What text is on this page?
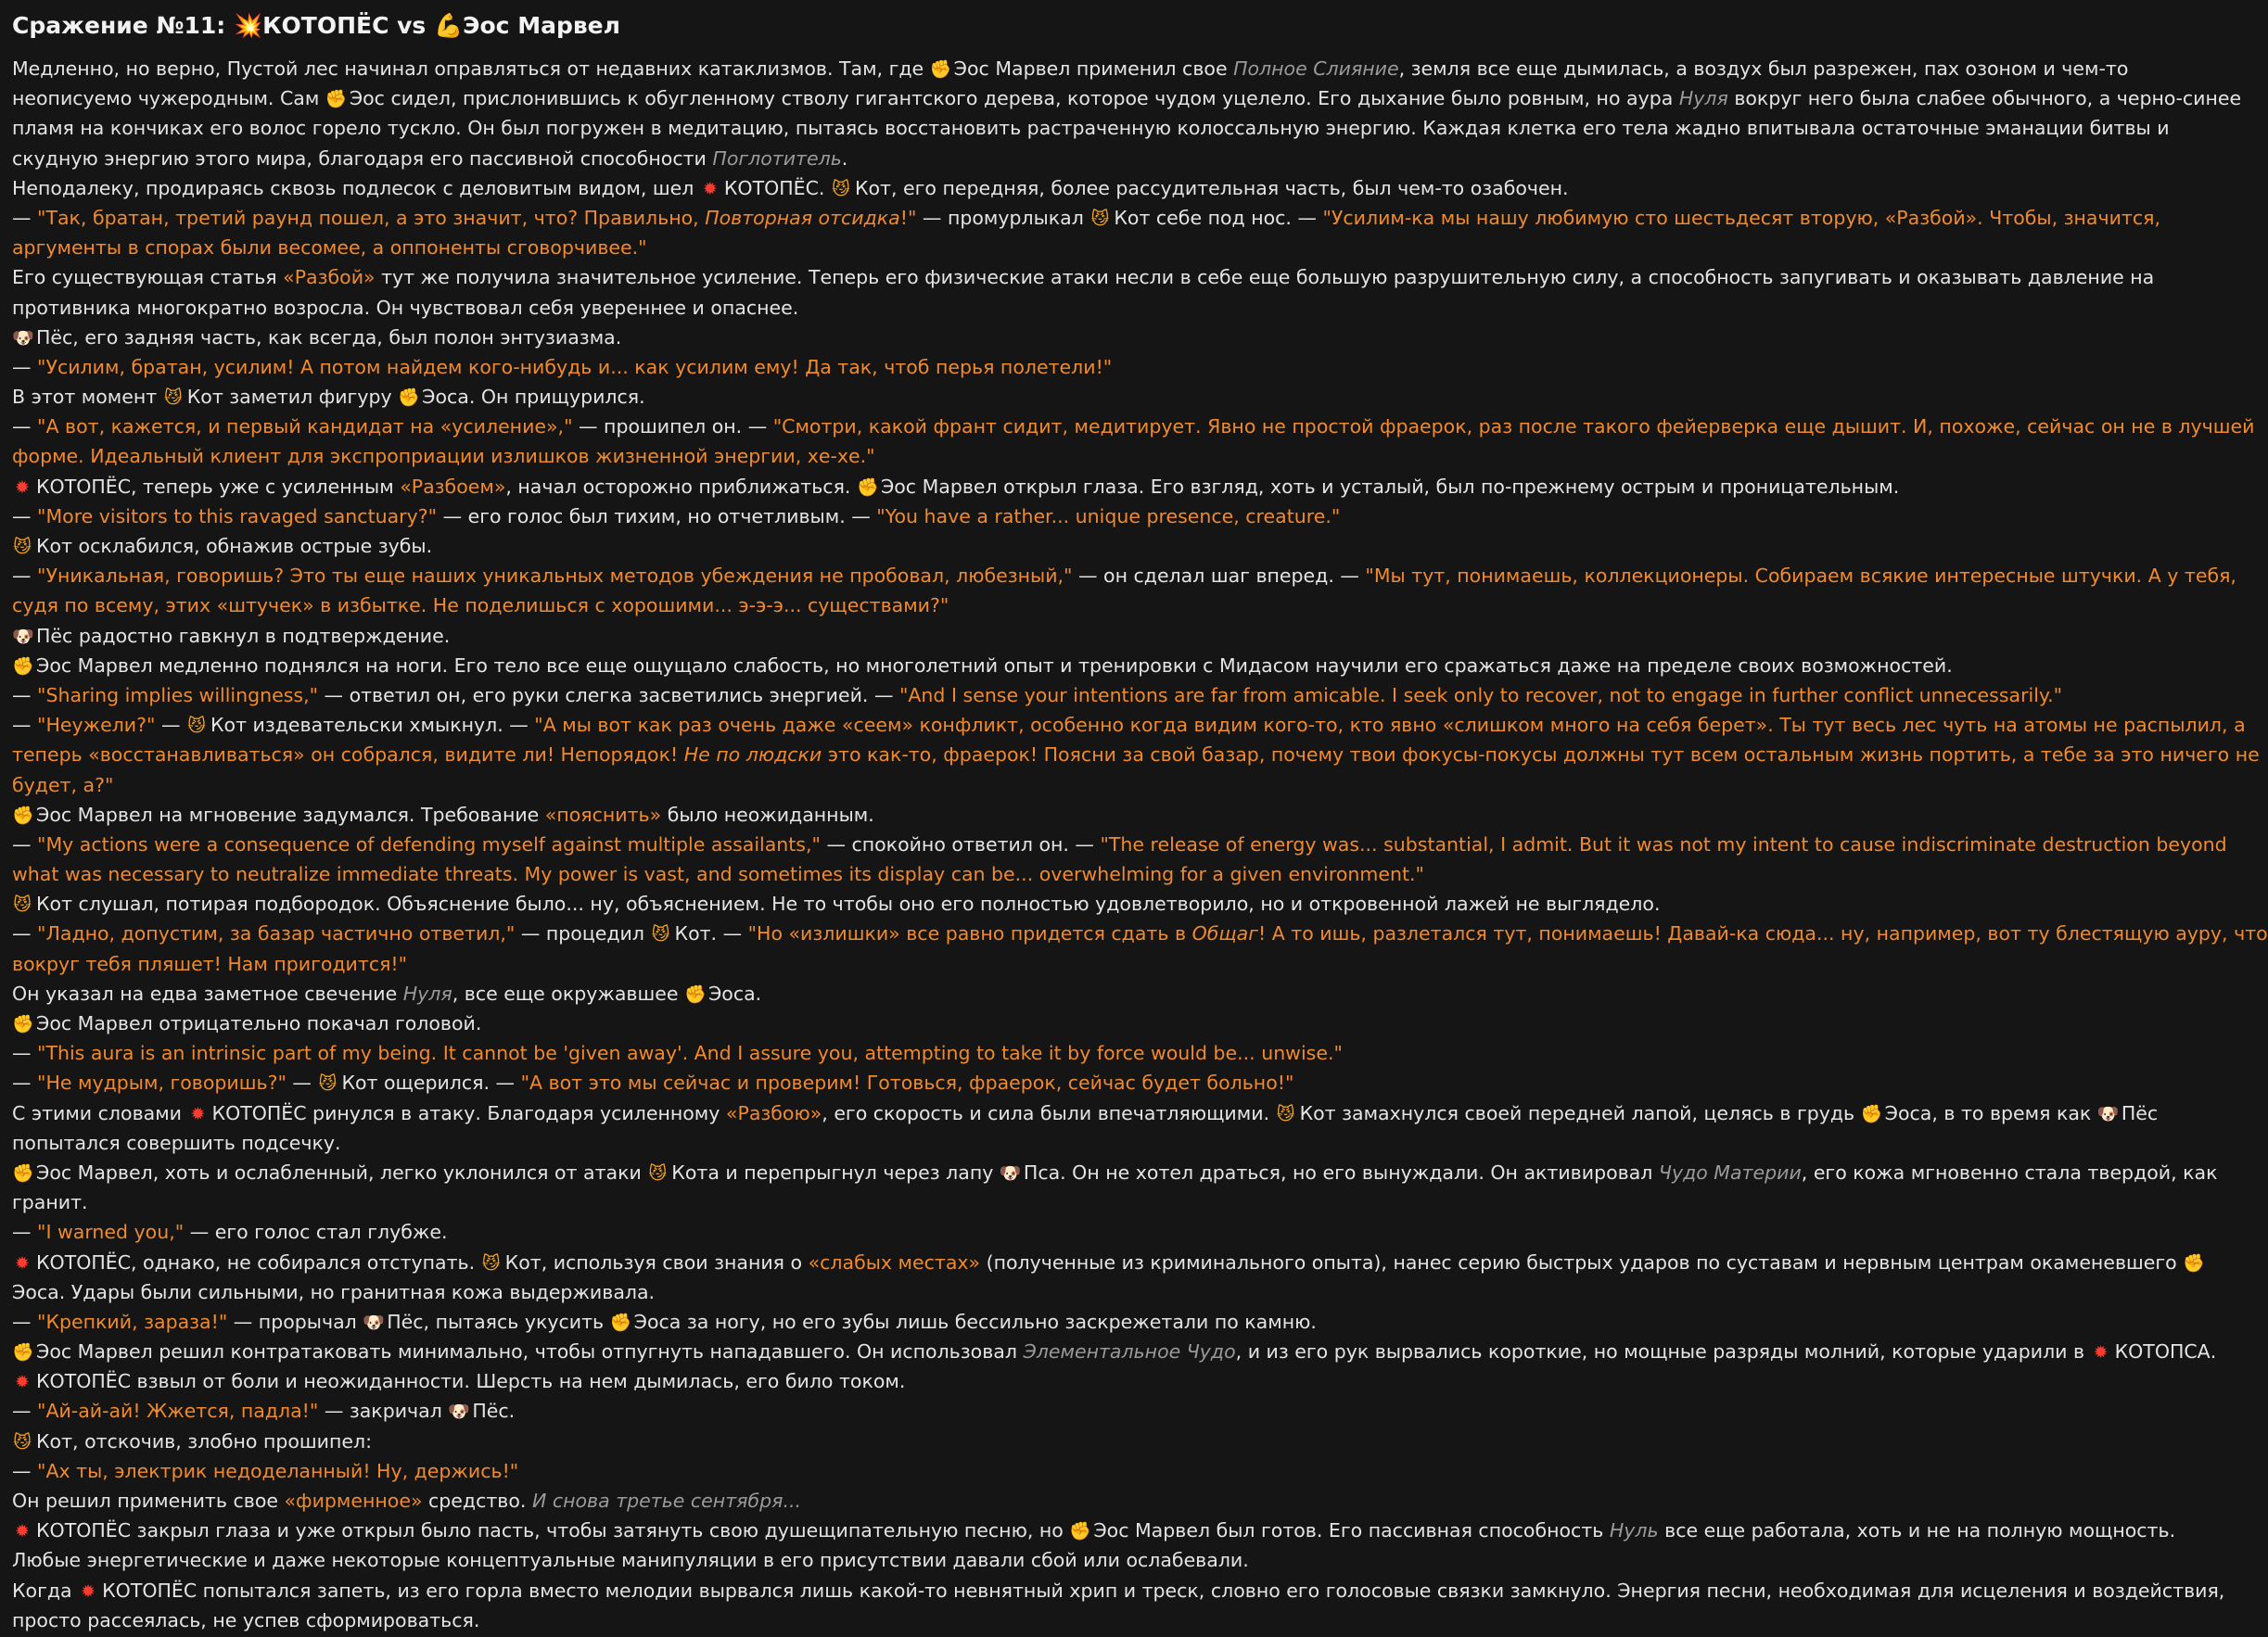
Сражение №11: 💥КОТОПЁС vs 💪Эос Марвел
Медленно, но верно, Пустой лес начинал оправляться от недавних катаклизмов. Там, где ✊ Эос Марвел применил свое Полное Слияние, земля все еще дымилась, а воздух был разрежен, пах озоном и чем-то
неописуемо чужеродным. Сам ✊ Эос сидел, прислонившись к обугленному стволу гигантского дерева, которое чудом уцелело. Его дыхание было ровным, но аура Нуля вокруг него была слабее обычного, а черно-синее
пламя на кончиках его волос горело тускло. Он был погружен в медитацию, пытаясь восстановить растраченную колоссальную энергию. Каждая клетка его тела жадно впитывала остаточные эманации битвы и
скудную энергию этого мира, благодаря его пассивной способности Поглотитель.
Неподалеку, продираясь сквозь подлесок с деловитым видом, шел ✹ КОТОПЁС. 😼 Кот, его передняя, более рассудительная часть, был чем-то озабочен.
— "Так, братан, третий раунд пошел, а это значит, что? Правильно, Повторная отсидка!" — промурлыкал 😼 Кот себе под нос. — "Усилим-ка мы нашу любимую сто шестьдесят вторую, «Разбой». Чтобы, значится,
аргументы в спорах были весомее, а оппоненты сговорчивее."
Его существующая статья «Разбой» тут же получила значительное усиление. Теперь его физические атаки несли в себе еще большую разрушительную силу, а способность запугивать и оказывать давление на
противника многократно возросла. Он чувствовал себя увереннее и опаснее.
🐶 Пёс, его задняя часть, как всегда, был полон энтузиазма.
— "Усилим, братан, усилим! А потом найдем кого-нибудь и... как усилим ему! Да так, чтоб перья полетели!"
В этот момент 😼 Кот заметил фигуру ✊ Эоса. Он прищурился.
— "А вот, кажется, и первый кандидат на «усиление»," — прошипел он. — "Смотри, какой франт сидит, медитирует. Явно не простой фраерок, раз после такого фейерверка еще дышит. И, похоже, сейчас он не в лучшей
форме. Идеальный клиент для экспроприации излишков жизненной энергии, хе-хе."
✹ КОТОПЁС, теперь уже с усиленным «Разбоем», начал осторожно приближаться. ✊ Эос Марвел открыл глаза. Его взгляд, хоть и усталый, был по-прежнему острым и проницательным.
— "More visitors to this ravaged sanctuary?" — его голос был тихим, но отчетливым. — "You have a rather... unique presence, creature."
😼 Кот осклабился, обнажив острые зубы.
— "Уникальная, говоришь? Это ты еще наших уникальных методов убеждения не пробовал, любезный," — он сделал шаг вперед. — "Мы тут, понимаешь, коллекционеры. Собираем всякие интересные штучки. А у тебя,
судя по всему, этих «штучек» в избытке. Не поделишься с хорошими... э-э-э... существами?"
🐶 Пёс радостно гавкнул в подтверждение.
✊ Эос Марвел медленно поднялся на ноги. Его тело все еще ощущало слабость, но многолетний опыт и тренировки с Мидасом научили его сражаться даже на пределе своих возможностей.
— "Sharing implies willingness," — ответил он, его руки слегка засветились энергией. — "And I sense your intentions are far from amicable. I seek only to recover, not to engage in further conflict unnecessarily."
— "Неужели?" — 😼 Кот издевательски хмыкнул. — "А мы вот как раз очень даже «сеем» конфликт, особенно когда видим кого-то, кто явно «слишком много на себя берет». Ты тут весь лес чуть на атомы не распылил, а
теперь «восстанавливаться» он собрался, видите ли! Непорядок! Не по людски это как-то, фраерок! Поясни за свой базар, почему твои фокусы-покусы должны тут всем остальным жизнь портить, а тебе за это ничего не
будет, а?"
✊ Эос Марвел на мгновение задумался. Требование «пояснить» было неожиданным.
— "My actions were a consequence of defending myself against multiple assailants," — спокойно ответил он. — "The release of energy was... substantial, I admit. But it was not my intent to cause indiscriminate destruction beyond
what was necessary to neutralize immediate threats. My power is vast, and sometimes its display can be... overwhelming for a given environment."
😼 Кот слушал, потирая подбородок. Объяснение было... ну, объяснением. Не то чтобы оно его полностью удовлетворило, но и откровенной лажей не выглядело.
— "Ладно, допустим, за базар частично ответил," — процедил 😼 Кот. — "Но «излишки» все равно придется сдать в Общаг! А то ишь, разлетался тут, понимаешь! Давай-ка сюда... ну, например, вот ту блестящую ауру, что
вокруг тебя пляшет! Нам пригодится!"
Он указал на едва заметное свечение Нуля, все еще окружавшее ✊ Эоса.
✊ Эос Марвел отрицательно покачал головой.
— "This aura is an intrinsic part of my being. It cannot be 'given away'. And I assure you, attempting to take it by force would be... unwise."
— "Не мудрым, говоришь?" — 😼 Кот ощерился. — "А вот это мы сейчас и проверим! Готовься, фраерок, сейчас будет больно!"
С этими словами ✹ КОТОПЁС ринулся в атаку. Благодаря усиленному «Разбою», его скорость и сила были впечатляющими. 😼 Кот замахнулся своей передней лапой, целясь в грудь ✊ Эоса, в то время как 🐶 Пёс
попытался совершить подсечку.
✊ Эос Марвел, хоть и ослабленный, легко уклонился от атаки 😼 Кота и перепрыгнул через лапу 🐶 Пса. Он не хотел драться, но его вынуждали. Он активировал Чудо Материи, его кожа мгновенно стала твердой, как
гранит.
— "I warned you," — его голос стал глубже.
✹ КОТОПЁС, однако, не собирался отступать. 😼 Кот, используя свои знания о «слабых местах» (полученные из криминального опыта), нанес серию быстрых ударов по суставам и нервным центрам окаменевшего ✊
Эоса. Удары были сильными, но гранитная кожа выдерживала.
— "Крепкий, зараза!" — прорычал 🐶 Пёс, пытаясь укусить ✊ Эоса за ногу, но его зубы лишь бессильно заскрежетали по камню.
✊ Эос Марвел решил контратаковать минимально, чтобы отпугнуть нападавшего. Он использовал Элементальное Чудо, и из его рук вырвались короткие, но мощные разряды молний, которые ударили в ✹ КОТОПСА.
✹ КОТОПЁС взвыл от боли и неожиданности. Шерсть на нем дымилась, его било током.
— "Ай-ай-ай! Жжется, падла!" — закричал 🐶 Пёс.
😼 Кот, отскочив, злобно прошипел:
— "Ах ты, электрик недоделанный! Ну, держись!"
Он решил применить свое «фирменное» средство. И снова третье сентября...
✹ КОТОПЁС закрыл глаза и уже открыл было пасть, чтобы затянуть свою душещипательную песню, но ✊ Эос Марвел был готов. Его пассивная способность Нуль все еще работала, хоть и не на полную мощность.
Любые энергетические и даже некоторые концептуальные манипуляции в его присутствии давали сбой или ослабевали.
Когда ✹ КОТОПЁС попытался запеть, из его горла вместо мелодии вырвался лишь какой-то невнятный хрип и треск, словно его голосовые связки замкнуло. Энергия песни, необходимая для исцеления и воздействия,
просто рассеялась, не успев сформироваться.
